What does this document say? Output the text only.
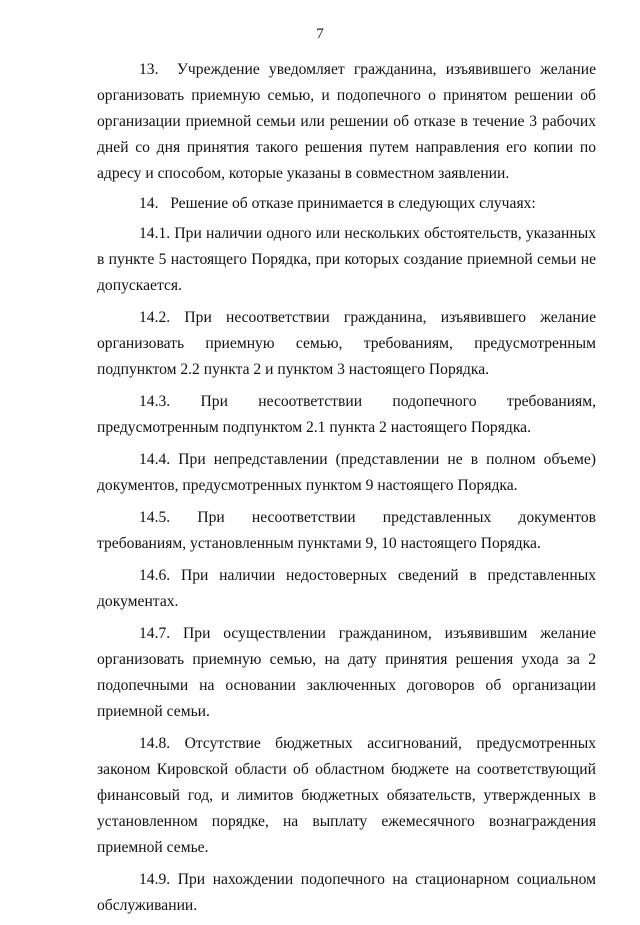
7

13.  Учреждение уведомляет гражданина, изъявившего желание организовать приемную семью, и подопечного о принятом решении об организации приемной семьи или решении об отказе в течение 3 рабочих дней со дня принятия такого решения путем направления его копии по адресу и способом, которые указаны в совместном заявлении.

14.   Решение об отказе принимается в следующих случаях:

14.1. При наличии одного или нескольких обстоятельств, указанных в пункте 5 настоящего Порядка, при которых создание приемной семьи не допускается.

14.2. При несоответствии гражданина, изъявившего желание организовать приемную семью, требованиям, предусмотренным подпунктом 2.2 пункта 2 и пунктом 3 настоящего Порядка.

14.3. При несоответствии подопечного требованиям, предусмотренным подпунктом 2.1 пункта 2 настоящего Порядка.

14.4. При непредставлении (представлении не в полном объеме) документов, предусмотренных пунктом 9 настоящего Порядка.

14.5. При несоответствии представленных документов требованиям, установленным пунктами 9, 10 настоящего Порядка.

14.6. При наличии недостоверных сведений в представленных документах.

14.7. При осуществлении гражданином, изъявившим желание организовать приемную семью, на дату принятия решения ухода за 2 подопечными на основании заключенных договоров об организации приемной семьи.

14.8. Отсутствие бюджетных ассигнований, предусмотренных законом Кировской области об областном бюджете на соответствующий финансовый год, и лимитов бюджетных обязательств, утвержденных в установленном порядке, на выплату ежемесячного вознаграждения приемной семье.

14.9. При нахождении подопечного на стационарном социальном обслуживании.
